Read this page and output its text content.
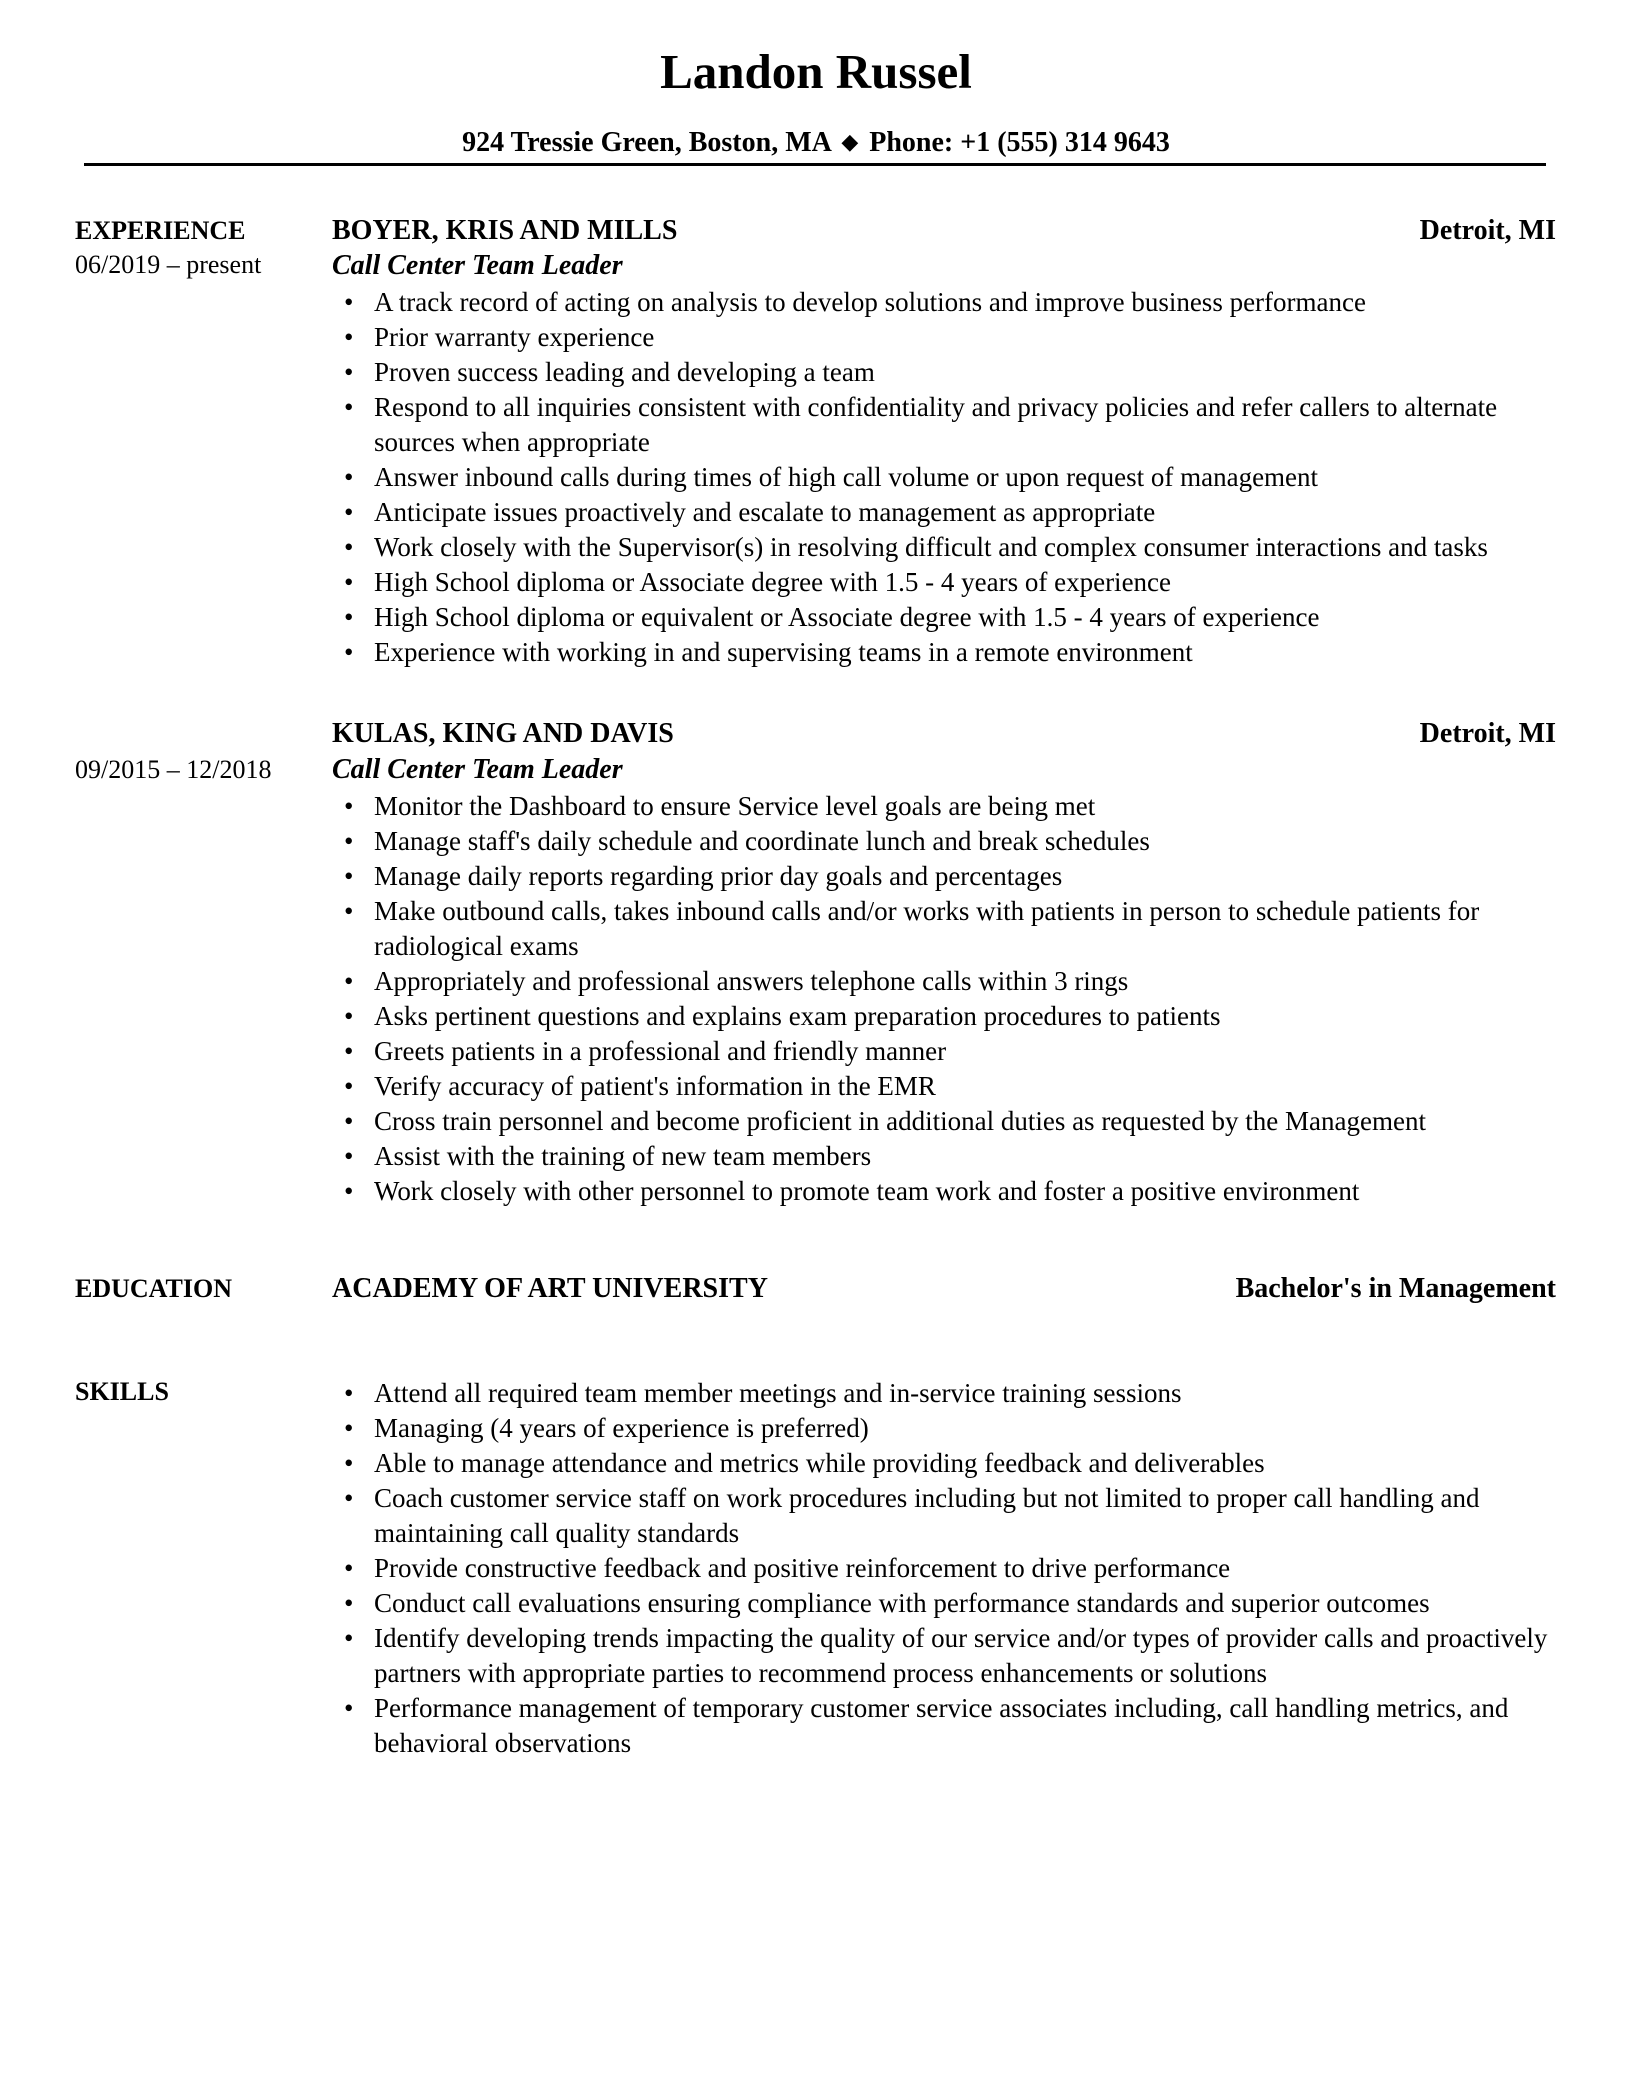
Landon Russel
924 Tressie Green, Boston, MA ◆ Phone: +1 (555) 314 9643
EXPERIENCE
06/2019 – present
BOYER, KRIS AND MILLS	Detroit, MI
Call Center Team Leader
• A track record of acting on analysis to develop solutions and improve business performance
• Prior warranty experience
• Proven success leading and developing a team
• Respond to all inquiries consistent with confidentiality and privacy policies and refer callers to alternate sources when appropriate
• Answer inbound calls during times of high call volume or upon request of management
• Anticipate issues proactively and escalate to management as appropriate
• Work closely with the Supervisor(s) in resolving difficult and complex consumer interactions and tasks
• High School diploma or Associate degree with 1.5 - 4 years of experience
• High School diploma or equivalent or Associate degree with 1.5 - 4 years of experience
• Experience with working in and supervising teams in a remote environment
09/2015 – 12/2018
KULAS, KING AND DAVIS	Detroit, MI
Call Center Team Leader
• Monitor the Dashboard to ensure Service level goals are being met
• Manage staff's daily schedule and coordinate lunch and break schedules
• Manage daily reports regarding prior day goals and percentages
• Make outbound calls, takes inbound calls and/or works with patients in person to schedule patients for radiological exams
• Appropriately and professional answers telephone calls within 3 rings
• Asks pertinent questions and explains exam preparation procedures to patients
• Greets patients in a professional and friendly manner
• Verify accuracy of patient's information in the EMR
• Cross train personnel and become proficient in additional duties as requested by the Management
• Assist with the training of new team members
• Work closely with other personnel to promote team work and foster a positive environment
EDUCATION	ACADEMY OF ART UNIVERSITY	Bachelor's in Management
SKILLS
•	Attend all required team member meetings and in-service training sessions
• Managing (4 years of experience is preferred)
• Able to manage attendance and metrics while providing feedback and deliverables
• Coach customer service staff on work procedures including but not limited to proper call handling and maintaining call quality standards
• Provide constructive feedback and positive reinforcement to drive performance
• Conduct call evaluations ensuring compliance with performance standards and superior outcomes
• Identify developing trends impacting the quality of our service and/or types of provider calls and proactively partners with appropriate parties to recommend process enhancements or solutions
• Performance management of temporary customer service associates including, call handling metrics, and behavioral observations
